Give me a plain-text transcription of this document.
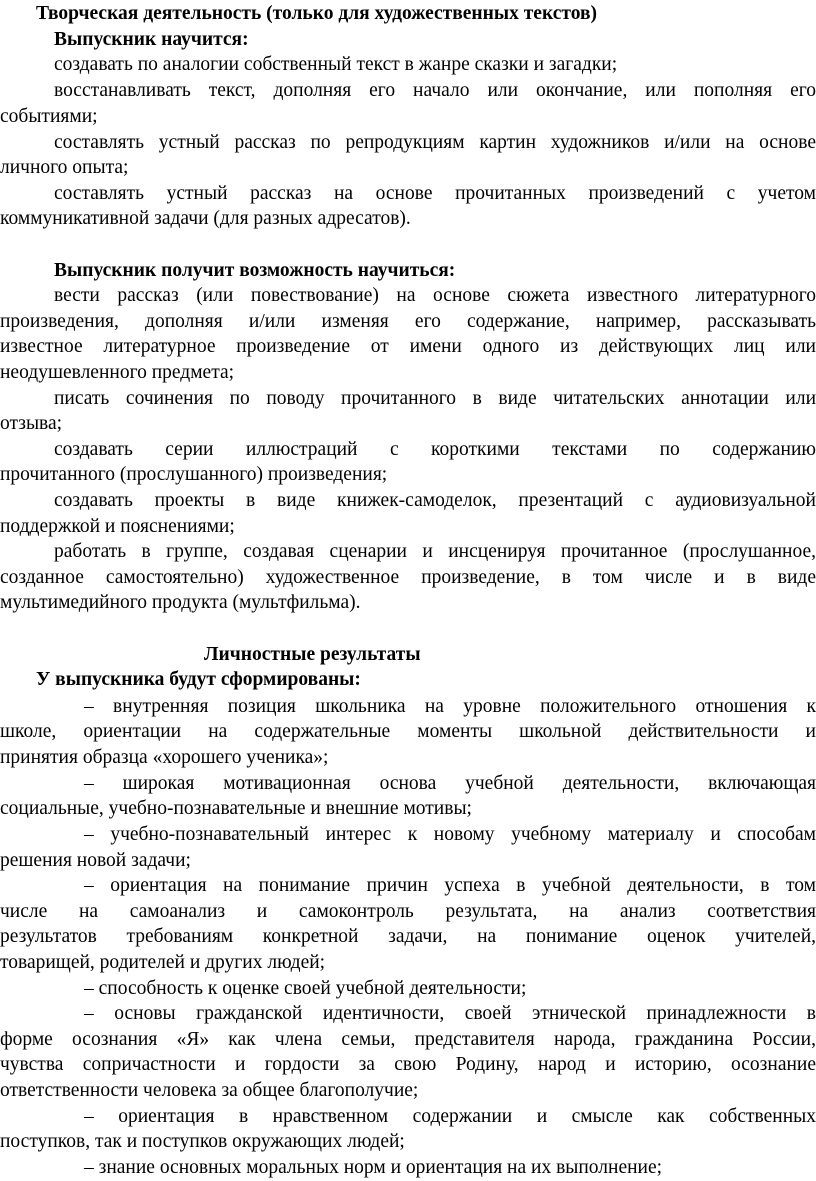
Творческая деятельность (только для художественных текстов)
Выпускник научится:
создавать по аналогии собственный текст в жанре сказки и загадки;
восстанавливать текст, дополняя его начало или окончание, или пополняя его
событиями;
составлять устный рассказ по репродукциям картин художников и/или на основе
личного опыта;
составлять устный рассказ на основе прочитанных произведений с учетом
коммуникативной задачи (для разных адресатов).
Выпускник получит возможность научиться:
вести рассказ (или повествование) на основе сюжета известного литературного
произведения, дополняя и/или изменяя его содержание, например, рассказывать
известное литературное произведение от имени одного из действующих лиц или
неодушевленного предмета;
писать сочинения по поводу прочитанного в виде читательских аннотации или
отзыва;
создавать серии иллюстраций с короткими текстами по содержанию
прочитанного (прослушанного) произведения;
создавать проекты в виде книжек-самоделок, презентаций с аудиовизуальной
поддержкой и пояснениями;
работать в группе, создавая сценарии и инсценируя прочитанное (прослушанное,
созданное самостоятельно) художественное произведение, в том числе и в виде
мультимедийного продукта (мультфильма).
Личностные результаты
У выпускника будут сформированы:
– внутренняя позиция школьника на уровне положительного отношения к
школе, ориентации на содержательные моменты школьной действительности и
принятия образца «хорошего ученика»;
– широкая мотивационная основа учебной деятельности, включающая
социальные, учебно-познавательные и внешние мотивы;
– учебно-познавательный интерес к новому учебному материалу и способам
решения новой задачи;
– ориентация на понимание причин успеха в учебной деятельности, в том
числе на самоанализ и самоконтроль результата, на анализ соответствия
результатов требованиям конкретной задачи, на понимание оценок учителей,
товарищей, родителей и других людей;
– способность к оценке своей учебной деятельности;
– основы гражданской идентичности, своей этнической принадлежности в
форме осознания «Я» как члена семьи, представителя народа, гражданина России,
чувства сопричастности и гордости за свою Родину, народ и историю, осознание
ответственности человека за общее благополучие;
– ориентация в нравственном содержании и смысле как собственных
поступков, так и поступков окружающих людей;
– знание основных моральных норм и ориентация на их выполнение;
